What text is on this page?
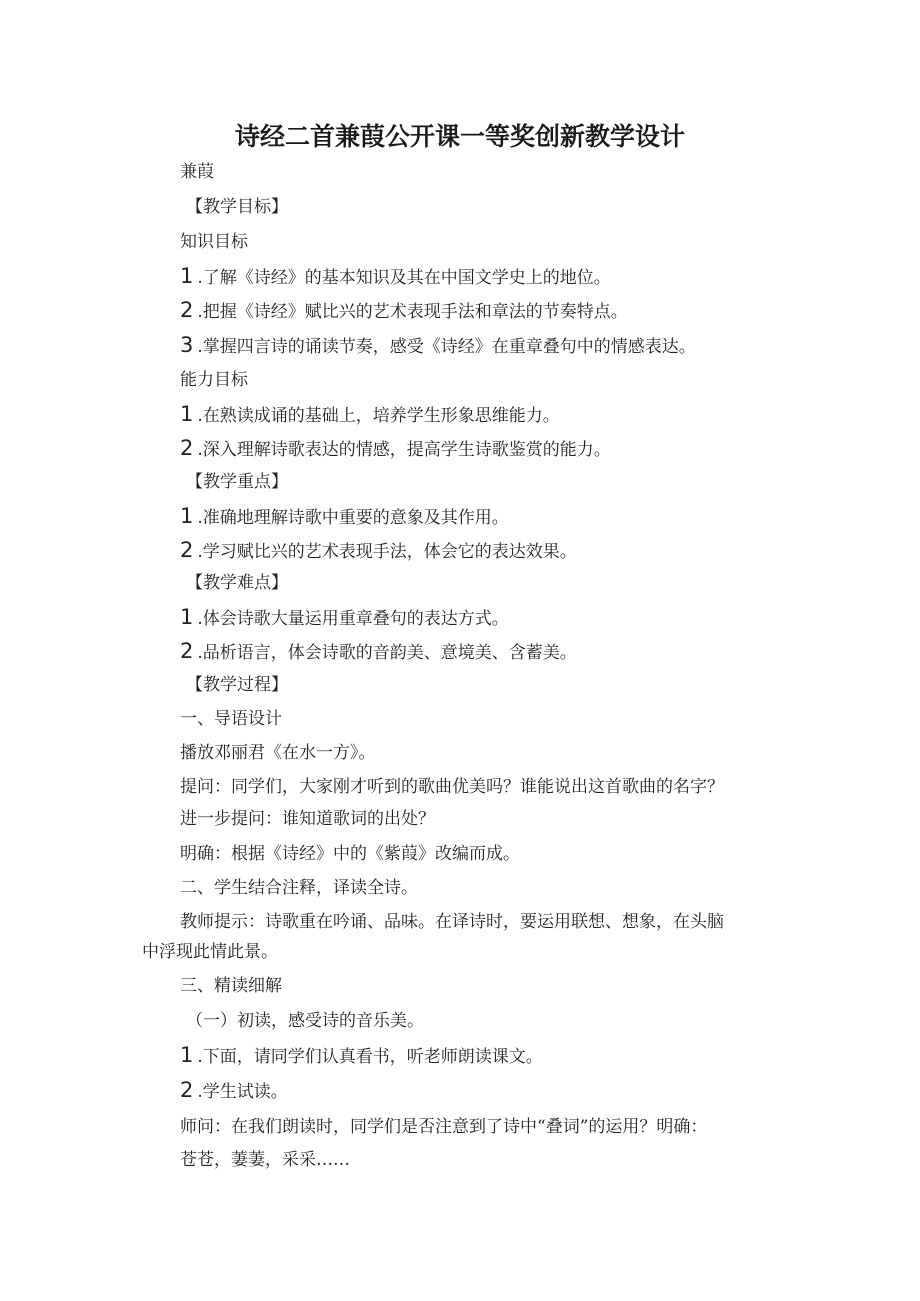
诗经二首兼葭公开课一等奖创新教学设计

兼葭

【教学目标】

知识目标

1 .了解《诗经》的基本知识及其在中国文学史上的地位。

2 .把握《诗经》赋比兴的艺术表现手法和章法的节奏特点。

3 .掌握四言诗的诵读节奏，感受《诗经》在重章叠句中的情感表达。

能力目标

1 .在熟读成诵的基础上，培养学生形象思维能力。

2 .深入理解诗歌表达的情感，提高学生诗歌鉴赏的能力。

【教学重点】

1 .准确地理解诗歌中重要的意象及其作用。

2 .学习赋比兴的艺术表现手法，体会它的表达效果。

【教学难点】

1 .体会诗歌大量运用重章叠句的表达方式。

2 .品析语言，体会诗歌的音韵美、意境美、含蓄美。

【教学过程】

一、导语设计

播放邓丽君《在水一方》。

提问：同学们，大家刚才听到的歌曲优美吗？谁能说出这首歌曲的名字？

进一步提问：谁知道歌词的出处？

明确：根据《诗经》中的《紫葭》改编而成。

二、学生结合注释，译读全诗。

教师提示：诗歌重在吟诵、品味。在译诗时，要运用联想、想象，在头脑

中浮现此情此景。

三、精读细解

（一）初读，感受诗的音乐美。

1 .下面，请同学们认真看书，听老师朗读课文。

2 .学生试读。

师问：在我们朗读时，同学们是否注意到了诗中“叠词”的运用？明确：

苍苍，萋萋，采采……
